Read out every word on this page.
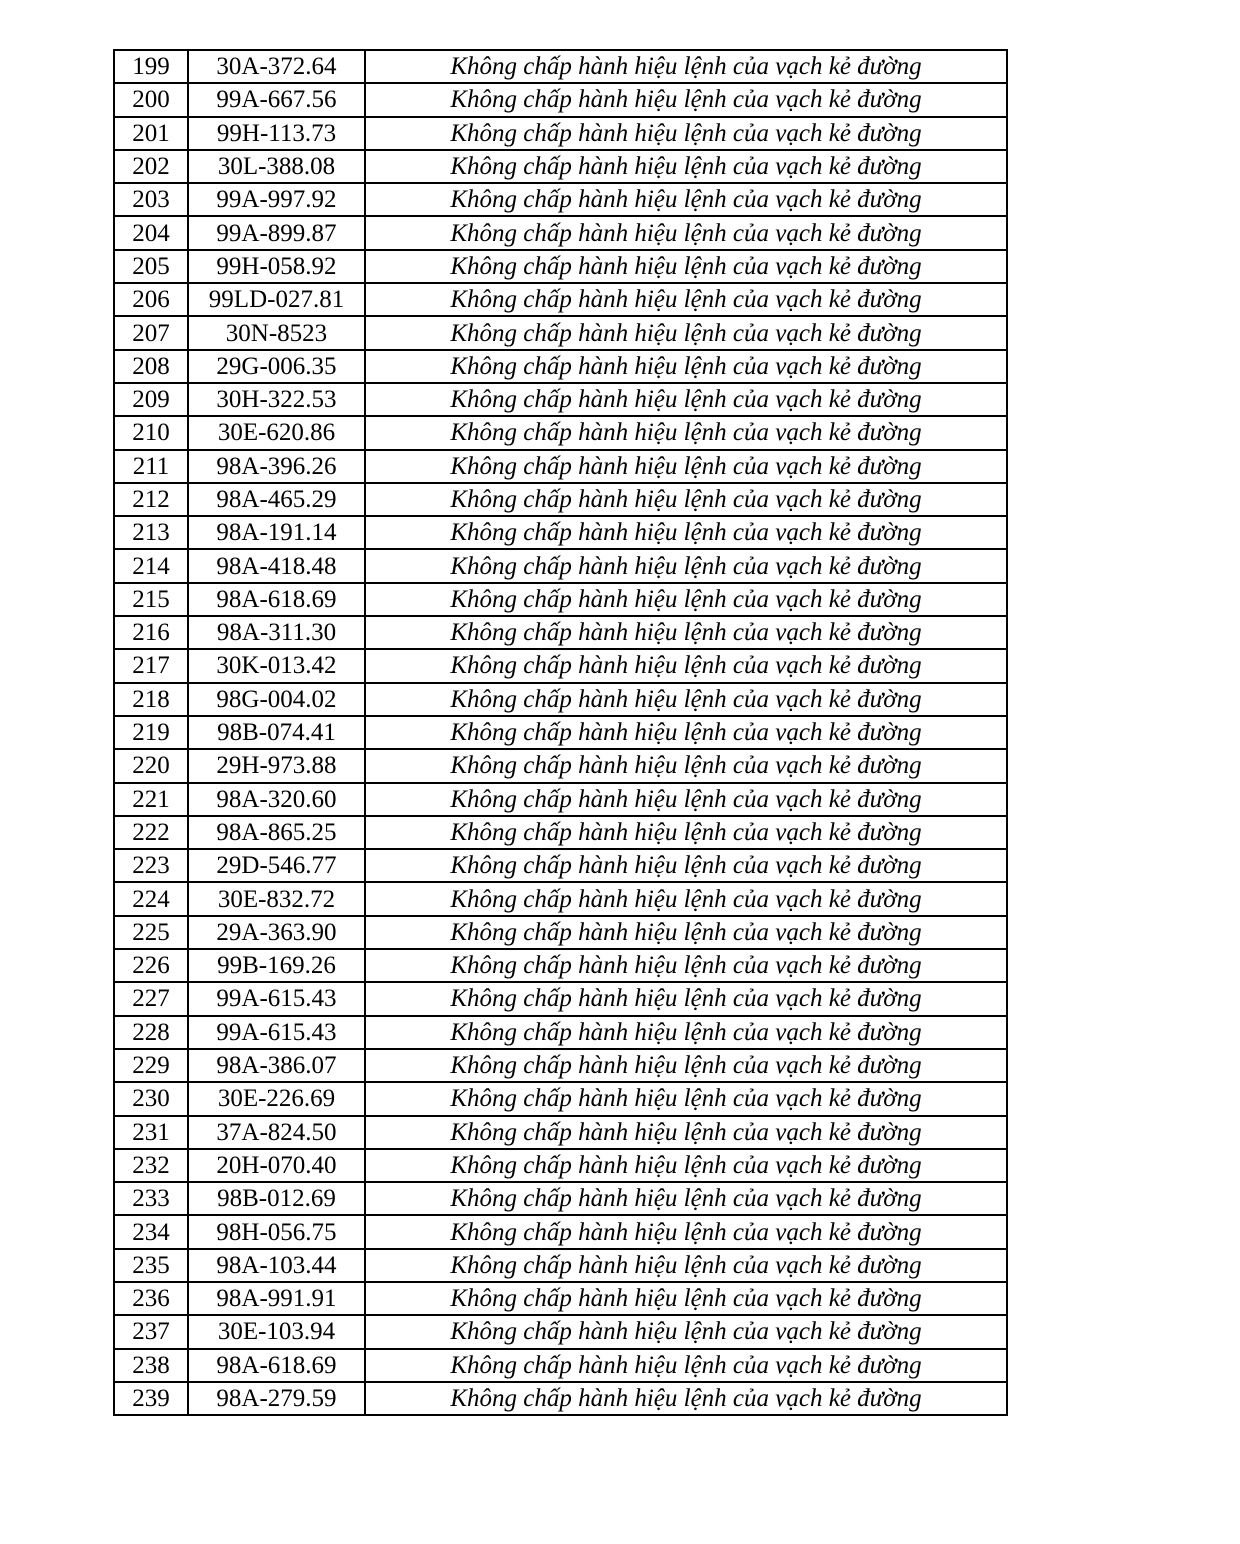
199	30A-372.64	Không chấp hành hiệu lệnh của vạch kẻ đường
200	99A-667.56	Không chấp hành hiệu lệnh của vạch kẻ đường
201	99H-113.73	Không chấp hành hiệu lệnh của vạch kẻ đường
202	30L-388.08	Không chấp hành hiệu lệnh của vạch kẻ đường
203	99A-997.92	Không chấp hành hiệu lệnh của vạch kẻ đường
204	99A-899.87	Không chấp hành hiệu lệnh của vạch kẻ đường
205	99H-058.92	Không chấp hành hiệu lệnh của vạch kẻ đường
206	99LD-027.81	Không chấp hành hiệu lệnh của vạch kẻ đường
207	30N-8523	Không chấp hành hiệu lệnh của vạch kẻ đường
208	29G-006.35	Không chấp hành hiệu lệnh của vạch kẻ đường
209	30H-322.53	Không chấp hành hiệu lệnh của vạch kẻ đường
210	30E-620.86	Không chấp hành hiệu lệnh của vạch kẻ đường
211	98A-396.26	Không chấp hành hiệu lệnh của vạch kẻ đường
212	98A-465.29	Không chấp hành hiệu lệnh của vạch kẻ đường
213	98A-191.14	Không chấp hành hiệu lệnh của vạch kẻ đường
214	98A-418.48	Không chấp hành hiệu lệnh của vạch kẻ đường
215	98A-618.69	Không chấp hành hiệu lệnh của vạch kẻ đường
216	98A-311.30	Không chấp hành hiệu lệnh của vạch kẻ đường
217	30K-013.42	Không chấp hành hiệu lệnh của vạch kẻ đường
218	98G-004.02	Không chấp hành hiệu lệnh của vạch kẻ đường
219	98B-074.41	Không chấp hành hiệu lệnh của vạch kẻ đường
220	29H-973.88	Không chấp hành hiệu lệnh của vạch kẻ đường
221	98A-320.60	Không chấp hành hiệu lệnh của vạch kẻ đường
222	98A-865.25	Không chấp hành hiệu lệnh của vạch kẻ đường
223	29D-546.77	Không chấp hành hiệu lệnh của vạch kẻ đường
224	30E-832.72	Không chấp hành hiệu lệnh của vạch kẻ đường
225	29A-363.90	Không chấp hành hiệu lệnh của vạch kẻ đường
226	99B-169.26	Không chấp hành hiệu lệnh của vạch kẻ đường
227	99A-615.43	Không chấp hành hiệu lệnh của vạch kẻ đường
228	99A-615.43	Không chấp hành hiệu lệnh của vạch kẻ đường
229	98A-386.07	Không chấp hành hiệu lệnh của vạch kẻ đường
230	30E-226.69	Không chấp hành hiệu lệnh của vạch kẻ đường
231	37A-824.50	Không chấp hành hiệu lệnh của vạch kẻ đường
232	20H-070.40	Không chấp hành hiệu lệnh của vạch kẻ đường
233	98B-012.69	Không chấp hành hiệu lệnh của vạch kẻ đường
234	98H-056.75	Không chấp hành hiệu lệnh của vạch kẻ đường
235	98A-103.44	Không chấp hành hiệu lệnh của vạch kẻ đường
236	98A-991.91	Không chấp hành hiệu lệnh của vạch kẻ đường
237	30E-103.94	Không chấp hành hiệu lệnh của vạch kẻ đường
238	98A-618.69	Không chấp hành hiệu lệnh của vạch kẻ đường
239	98A-279.59	Không chấp hành hiệu lệnh của vạch kẻ đường
